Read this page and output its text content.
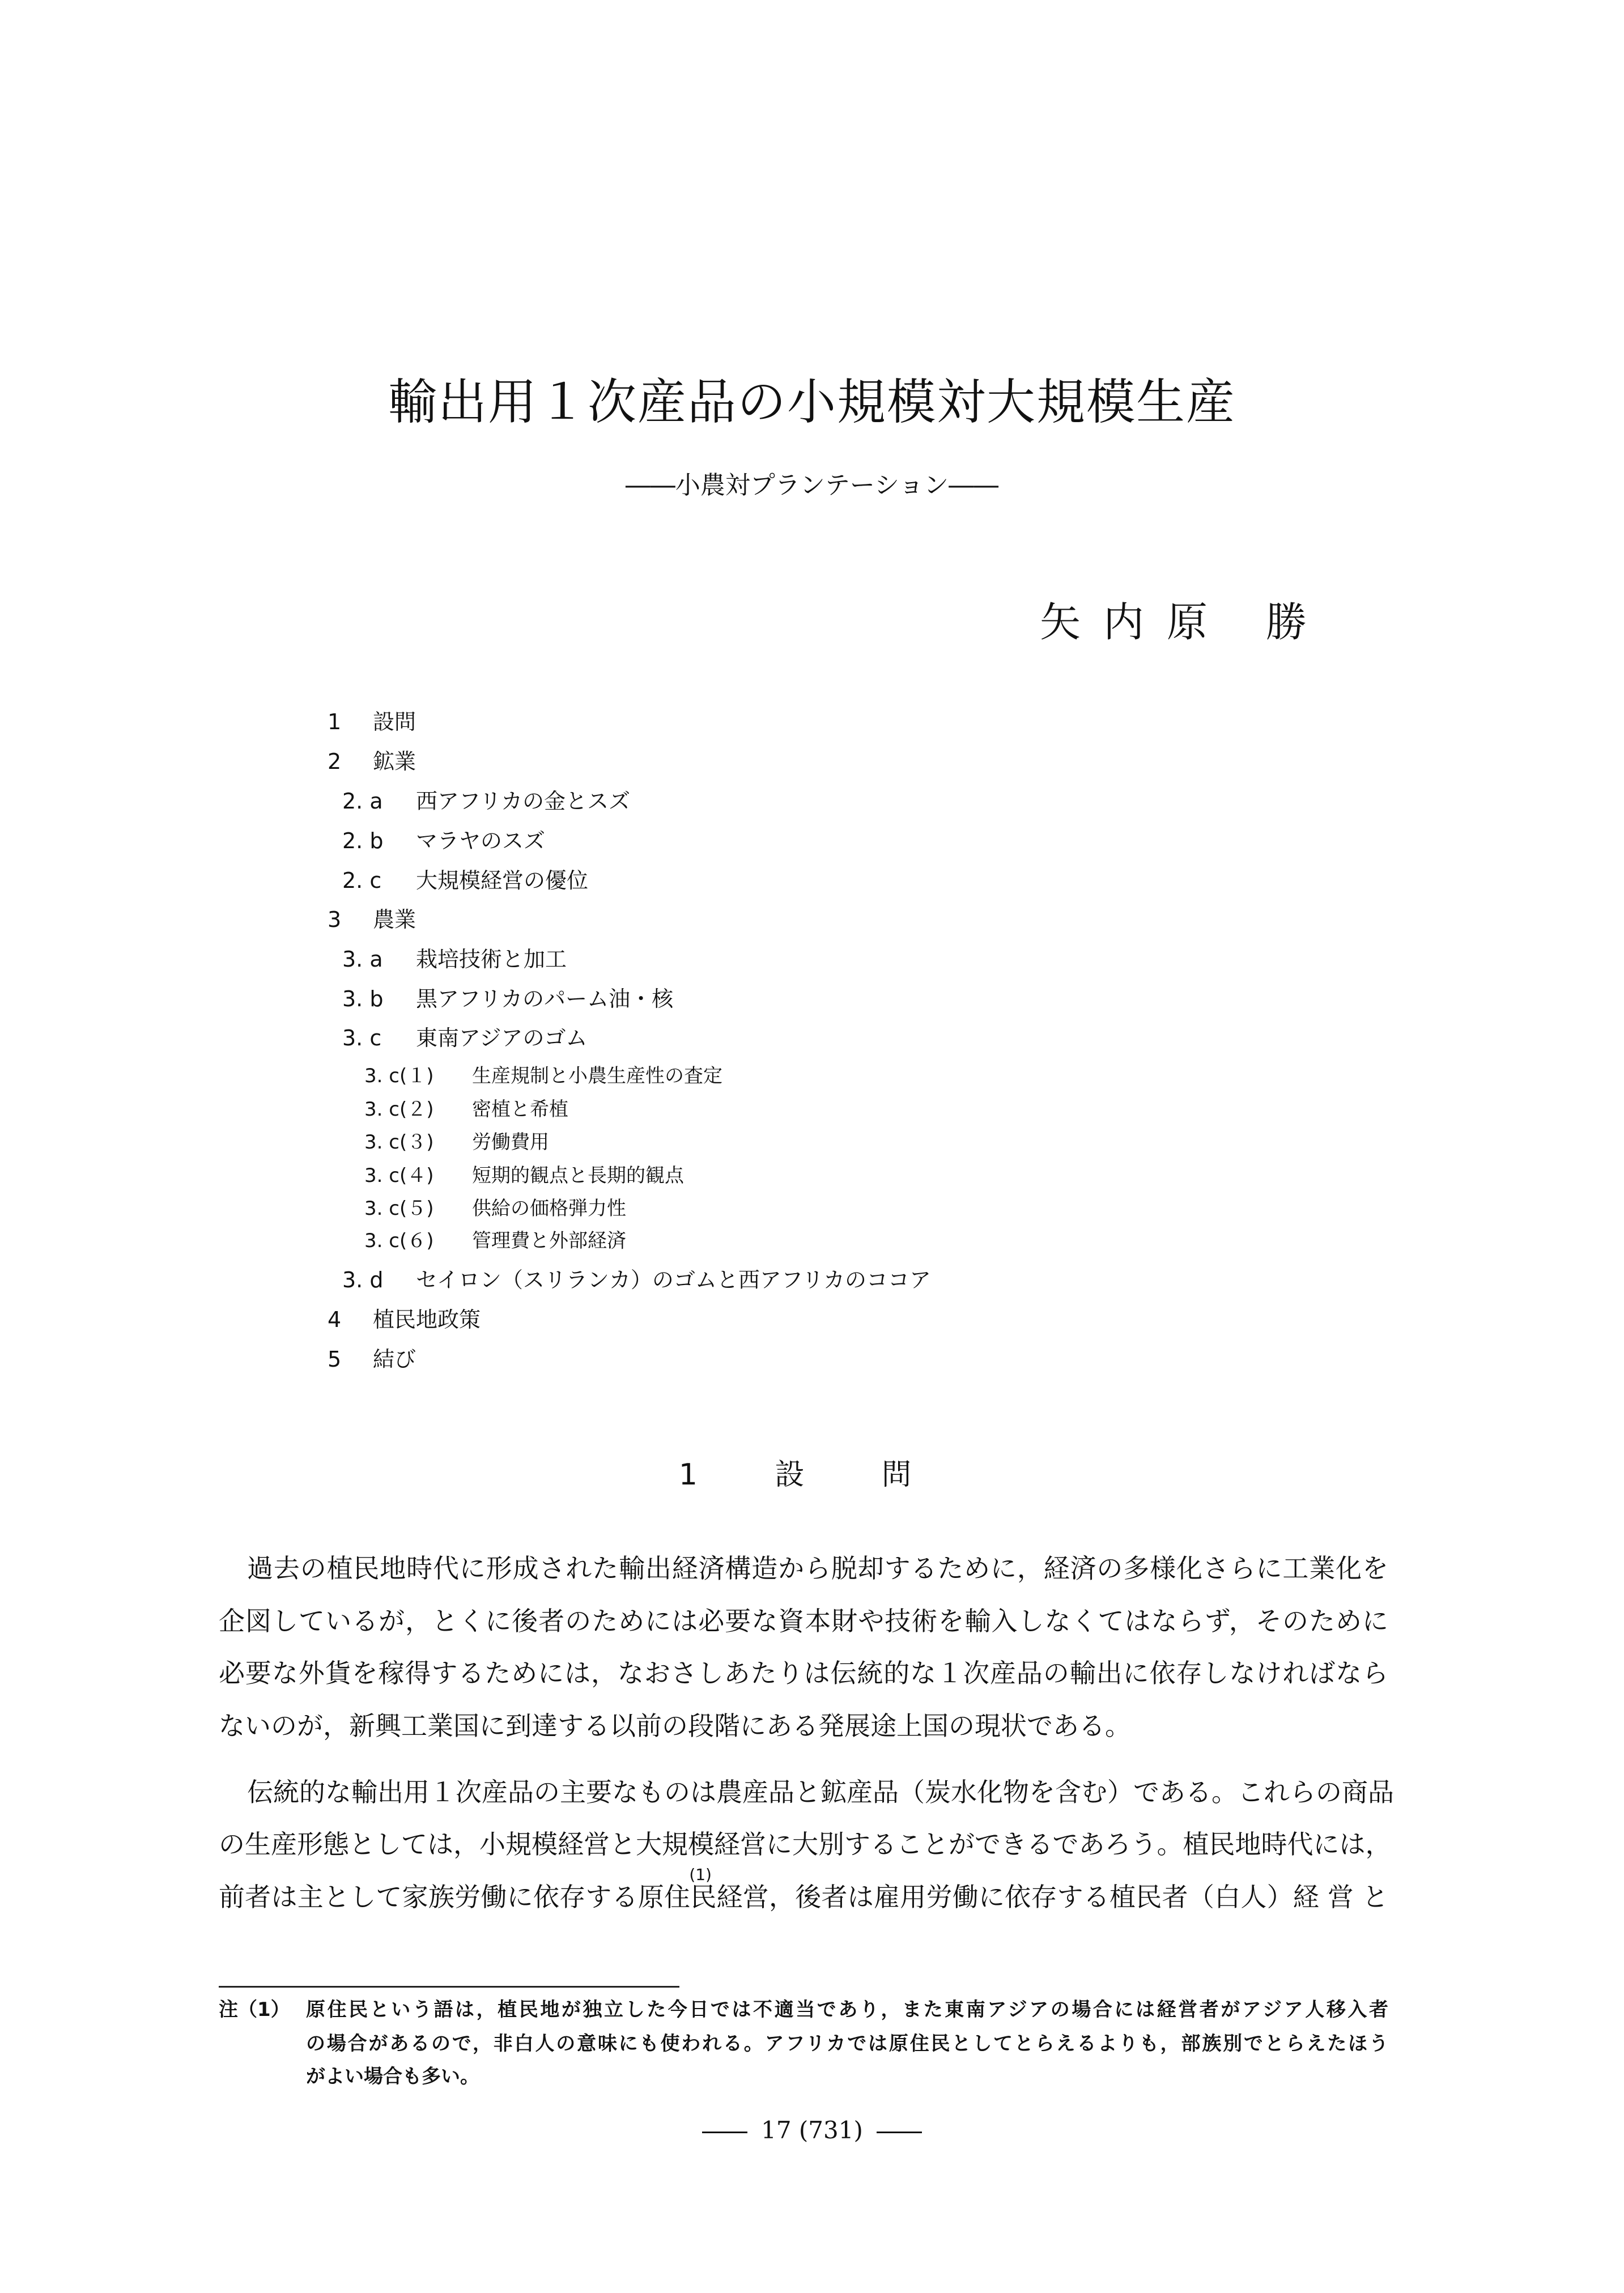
輸出用１次産品の小規模対大規模生産
――小農対プランテーション――
矢内原 勝
1 設問
2 鉱業
2. a 西アフリカの金とスズ
2. b マラヤのスズ
2. c 大規模経営の優位
3 農業
3. a 栽培技術と加工
3. b 黒アフリカのパーム油・核
3. c 東南アジアのゴム
3. c(１) 生産規制と小農生産性の査定
3. c(２) 密植と希植
3. c(３) 労働費用
3. c(４) 短期的観点と長期的観点
3. c(５) 供給の価格弾力性
3. c(６) 管理費と外部経済
3. d セイロン（スリランカ）のゴムと西アフリカのココア
4 植民地政策
5 結び
1 設 問
過去の植民地時代に形成された輸出経済構造から脱却するために，経済の多様化さらに工業化を
企図しているが，とくに後者のためには必要な資本財や技術を輸入しなくてはならず，そのために
必要な外貨を稼得するためには，なおさしあたりは伝統的な１次産品の輸出に依存しなければなら
ないのが，新興工業国に到達する以前の段階にある発展途上国の現状である。
伝統的な輸出用１次産品の主要なものは農産品と鉱産品（炭水化物を含む）である。これらの商品
の生産形態としては，小規模経営と大規模経営に大別することができるであろう。植民地時代には，
前者は主として家族労働に依存する原住
(1)
民経営，後者は雇用労働に依存する植民者（白人）経 営 と
注（1） 原住民という語は，植民地が独立した今日では不適当であり，また東南アジアの場合には経営者がアジア人移入者
の場合があるので，非白人の意味にも使われる。アフリカでは原住民としてとらえるよりも，部族別でとらえたほう
がよい場合も多い。
17 (731)
